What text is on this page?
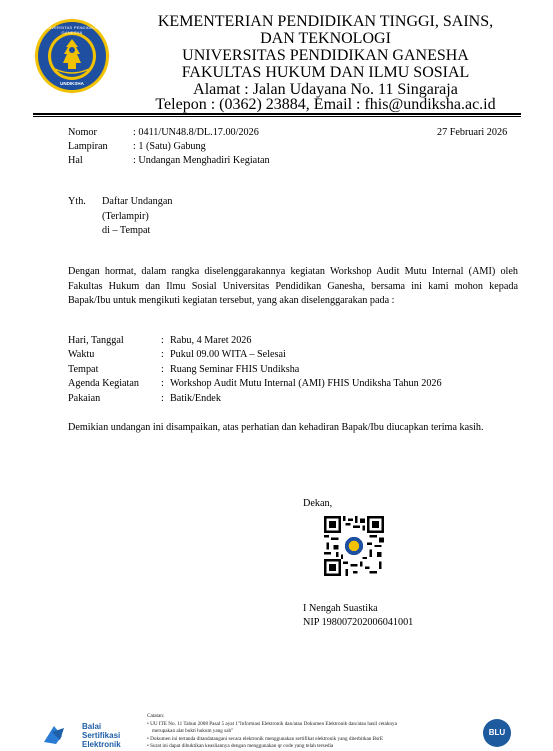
UNIVERSITAS PENDIDIKAN GANESHA
UNDIKSHA
KEMENTERIAN PENDIDIKAN TINGGI, SAINS,
DAN TEKNOLOGI
UNIVERSITAS PENDIDIKAN GANESHA
FAKULTAS HUKUM DAN ILMU SOSIAL
Alamat : Jalan Udayana No. 11 Singaraja
Telepon : (0362) 23884, Email : fhis@undiksha.ac.id
Nomor	: 0411/UN48.8/DL.17.00/2026	27 Februari 2026
Lampiran : 1 (Satu) Gabung
Hal	: Undangan Menghadiri Kegiatan
Yth. Daftar Undangan
(Terlampir)
di – Tempat
Dengan hormat, dalam rangka diselenggarakannya kegiatan Workshop Audit Mutu Internal (AMI) oleh Fakultas Hukum dan Ilmu Sosial Universitas Pendidikan Ganesha, bersama ini kami mohon kepada Bapak/Ibu untuk mengikuti kegiatan tersebut, yang akan diselenggarakan pada :
Hari, Tanggal	: Rabu, 4 Maret 2026
Waktu	: Pukul 09.00 WITA – Selesai
Tempat	: Ruang Seminar FHIS Undiksha
Agenda Kegiatan : Workshop Audit Mutu Internal (AMI) FHIS Undiksha Tahun 2026
Pakaian	: Batik/Endek
Demikian undangan ini disampaikan, atas perhatian dan kehadiran Bapak/Ibu diucapkan terima kasih.
Dekan,
I Nengah Suastika
NIP 198007202006041001
Balai
Sertifikasi
Elektronik
Catatan:
• UU ITE No. 11 Tahun 2008 Pasal 5 ayat 1"Informasi Elektronik dan/atau Dokumen Elektronik dan/atau hasil cetaknya
merupakan alat bukti hukum yang sah"
• Dokumen ini tertanda ditandatangani secara elektronik menggunakan sertifikat elektronik yang diterbitkan BsrE
• Surat ini dapat dibuktikan keasliannya dengan menggunakan qr code yang telah tersedia
BLU
